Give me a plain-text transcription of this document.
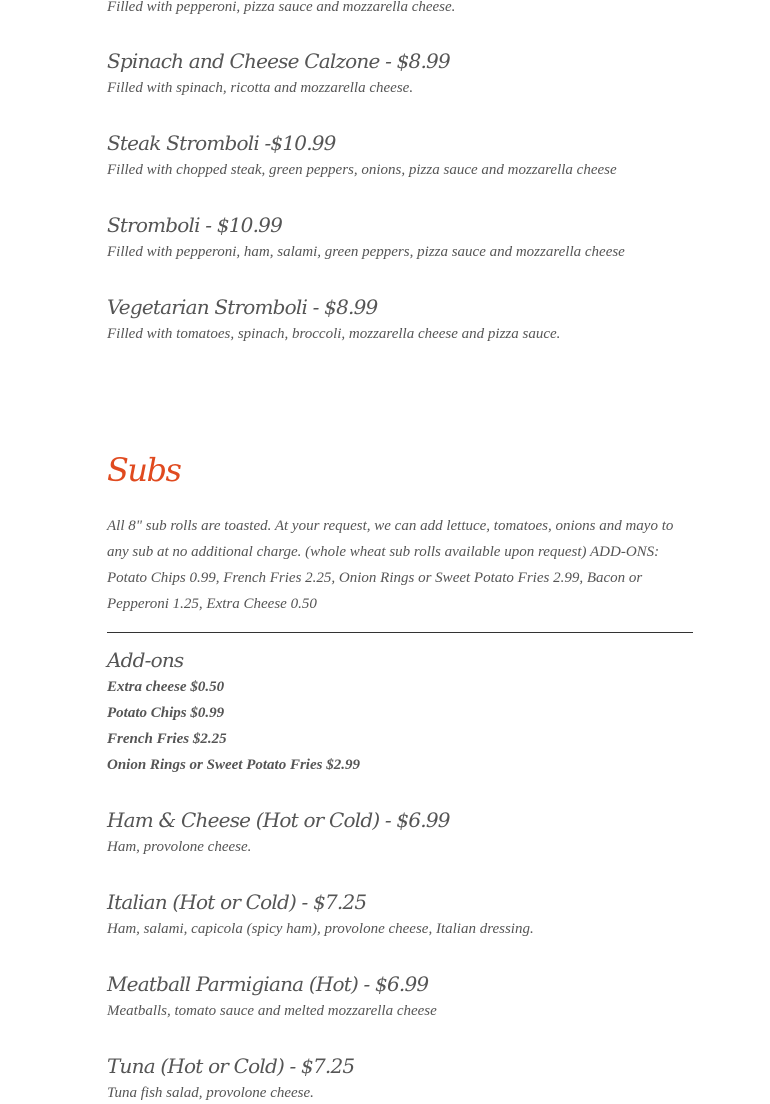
Filled with pepperoni, pizza sauce and mozzarella cheese.

Spinach and Cheese Calzone - $8.99

Filled with spinach, ricotta and mozzarella cheese.

Steak Stromboli -$10.99

Filled with chopped steak, green peppers, onions, pizza sauce and mozzarella cheese

Stromboli - $10.99

Filled with pepperoni, ham, salami, green peppers, pizza sauce and mozzarella cheese

Vegetarian Stromboli - $8.99

Filled with tomatoes, spinach, broccoli, mozzarella cheese and pizza sauce.

Subs

All 8" sub rolls are toasted. At your request, we can add lettuce, tomatoes, onions and mayo to any sub at no additional charge. (whole wheat sub rolls available upon request) ADD-ONS: Potato Chips 0.99, French Fries 2.25, Onion Rings or Sweet Potato Fries 2.99, Bacon or Pepperoni 1.25, Extra Cheese 0.50

Add-ons

Extra cheese $0.50

Potato Chips $0.99

French Fries $2.25

Onion Rings or Sweet Potato Fries $2.99

Ham & Cheese (Hot or Cold) - $6.99

Ham, provolone cheese.

Italian (Hot or Cold) - $7.25

Ham, salami, capicola (spicy ham), provolone cheese, Italian dressing.

Meatball Parmigiana (Hot) - $6.99

Meatballs, tomato sauce and melted mozzarella cheese

Tuna (Hot or Cold) - $7.25

Tuna fish salad, provolone cheese.
